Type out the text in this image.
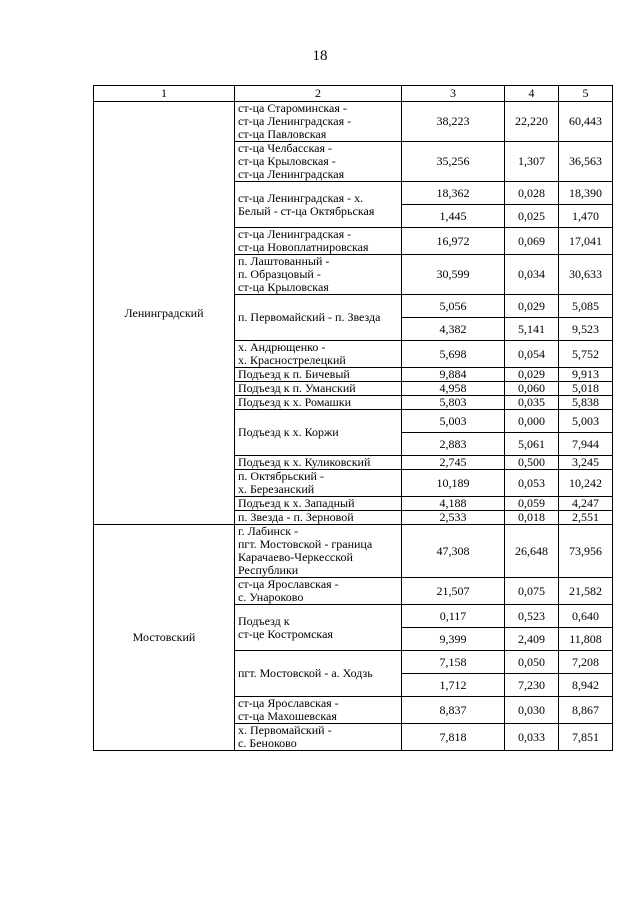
18
1	2	3	4	5
Ленинградский	ст-ца Староминская -
ст-ца Ленинградская -
ст-ца Павловская	38,223	22,220	60,443
	ст-ца Челбасская -
ст-ца Крыловская -
ст-ца Ленинградская	35,256	1,307	36,563
	ст-ца Ленинградская - х.
Белый - ст-ца Октябрьская	18,362	0,028	18,390
		1,445	0,025	1,470
	ст-ца Ленинградская -
ст-ца Новоплатнировская	16,972	0,069	17,041
	п. Лаштованный -
п. Образцовый -
ст-ца Крыловская	30,599	0,034	30,633
	п. Первомайский - п. Звезда	5,056	0,029	5,085
		4,382	5,141	9,523
	х. Андрющенко -
х. Краснострелецкий	5,698	0,054	5,752
	Подъезд к п. Бичевый	9,884	0,029	9,913
	Подъезд к п. Уманский	4,958	0,060	5,018
	Подъезд к х. Ромашки	5,803	0,035	5,838
	Подъезд к х. Коржи	5,003	0,000	5,003
		2,883	5,061	7,944
	Подъезд к х. Куликовский	2,745	0,500	3,245
	п. Октябрьский -
х. Березанский	10,189	0,053	10,242
	Подъезд к х. Западный	4,188	0,059	4,247
	п. Звезда - п. Зерновой	2,533	0,018	2,551
Мостовский	г. Лабинск -
пгт. Мостовской - граница
Карачаево-Черкесской
Республики	47,308	26,648	73,956
	ст-ца Ярославская -
с. Унароково	21,507	0,075	21,582
	Подъезд к
ст-це Костромская	0,117	0,523	0,640
		9,399	2,409	11,808
	пгт. Мостовской - а. Ходзь	7,158	0,050	7,208
		1,712	7,230	8,942
	ст-ца Ярославская -
ст-ца Махошевская	8,837	0,030	8,867
	х. Первомайский -
с. Беноково	7,818	0,033	7,851
